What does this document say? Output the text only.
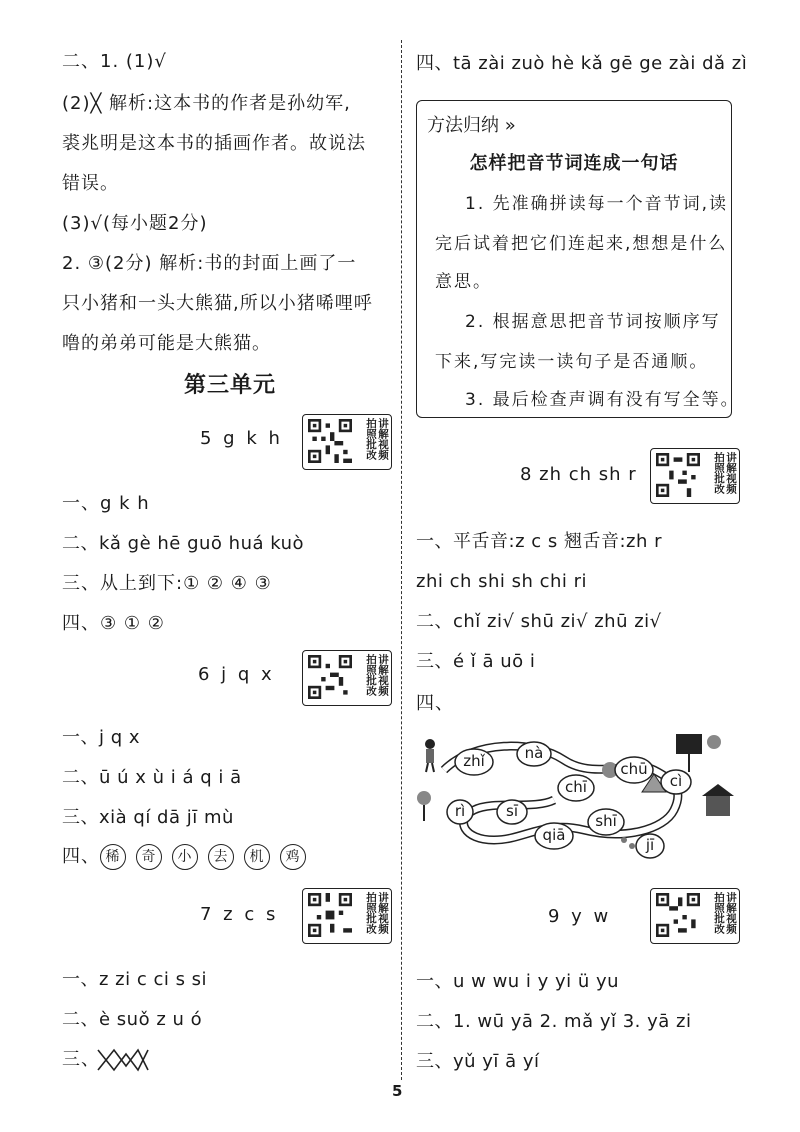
二、1. (1)√
(2)╳ 解析:这本书的作者是孙幼军,
裘兆明是这本书的插画作者。故说法
错误。
(3)√(每小题2分)
2. ③(2分) 解析:书的封面上画了一
只小猪和一头大熊猫,所以小猪唏哩呼
噜的弟弟可能是大熊猫。
第三单元
5 g k h	讲解视频拍照批改
一、g k h
二、kǎ gè hē guō huá kuò
三、从上到下:① ② ④ ③
四、③ ① ②
6 j q x	讲解视频拍照批改
一、j q x
二、ū ú x ù i á q i ā
三、xià qí dā jī mù
四、 稀 奇 小 去 机 鸡
7 z c s	讲解视频拍照批改
一、z zi c ci s si
二、è suǒ z u ó
三、
四、tā zài zuò hè kǎ gē ge zài dǎ zì
方法归纳 »
怎样把音节词连成一句话
1. 先准确拼读每一个音节词,读
完后试着把它们连起来,想想是什么
意思。
2. 根据意思把音节词按顺序写
下来,写完读一读句子是否通顺。
3. 最后检查声调有没有写全等。
8 zh ch sh r	讲解视频拍照批改
一、平舌音:z c s 翘舌音:zh r
zhi ch shi sh chi ri
二、chǐ zi√ shū zi√ zhū zi√
三、é ǐ ā uō i
四、
zhǐ	nà
chī
chū
cì
rì	sī
shī
qiā
jī
9 y w	讲解视频拍照批改
一、u w wu i y yi ü yu
二、1. wū yā 2. mǎ yǐ 3. yā zi
三、yǔ yī ā yí
5
